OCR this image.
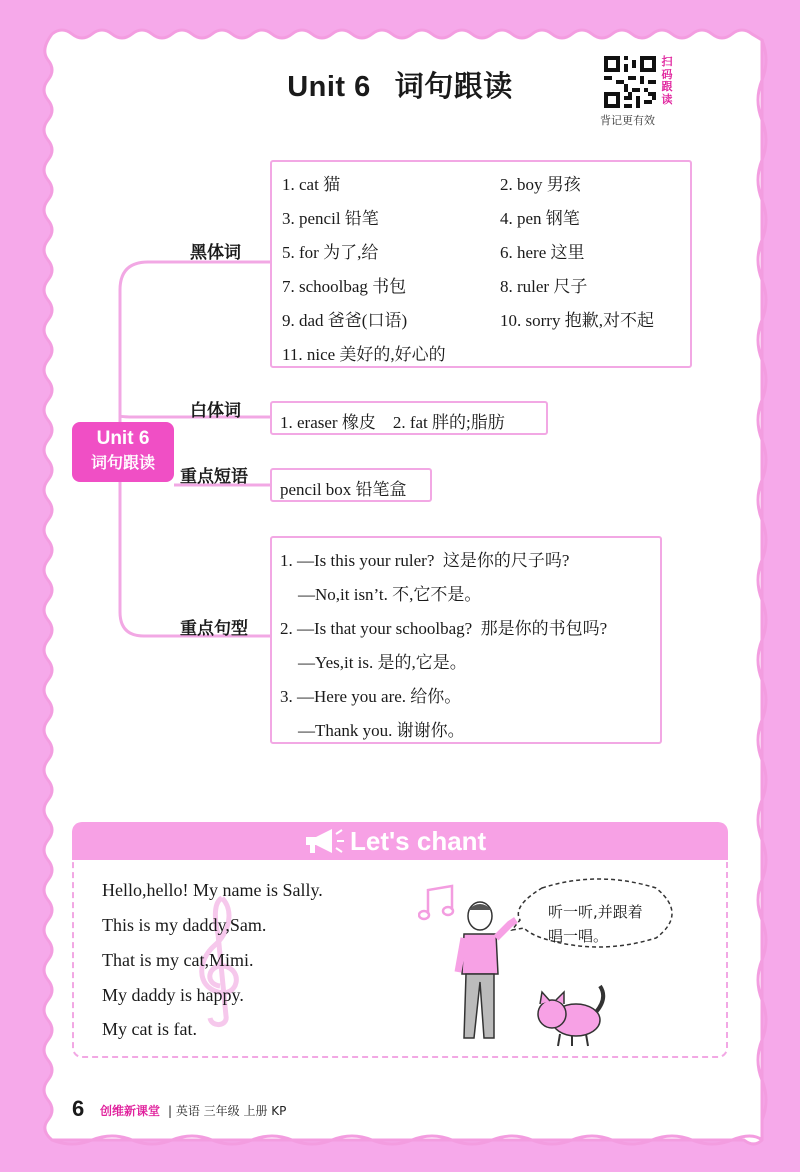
Unit 6 词句跟读
扫码跟读
背记更有效
Unit 6
词句跟读
黑体词
1. cat 猫	2. boy 男孩
3. pencil 铅笔	4. pen 钢笔
5. for 为了,给	6. here 这里
7. schoolbag 书包	8. ruler 尺子
9. dad 爸爸(口语)	10. sorry 抱歉,对不起
11. nice 美好的,好心的
白体词
1. eraser 橡皮    2. fat 胖的;脂肪
重点短语
pencil box 铅笔盒
重点句型
1. —Is this your ruler?  这是你的尺子吗?
—No,it isn’t. 不,它不是。
2. —Is that your schoolbag?  那是你的书包吗?
—Yes,it is. 是的,它是。
3. —Here you are. 给你。
—Thank you. 谢谢你。
Let's chant
Hello,hello! My name is Sally.
This is my daddy,Sam.
That is my cat,Mimi.
My daddy is happy.
My cat is fat.
听一听,并跟着唱一唱。
6 创维新课堂 | 英语 三年级 上册 KP
